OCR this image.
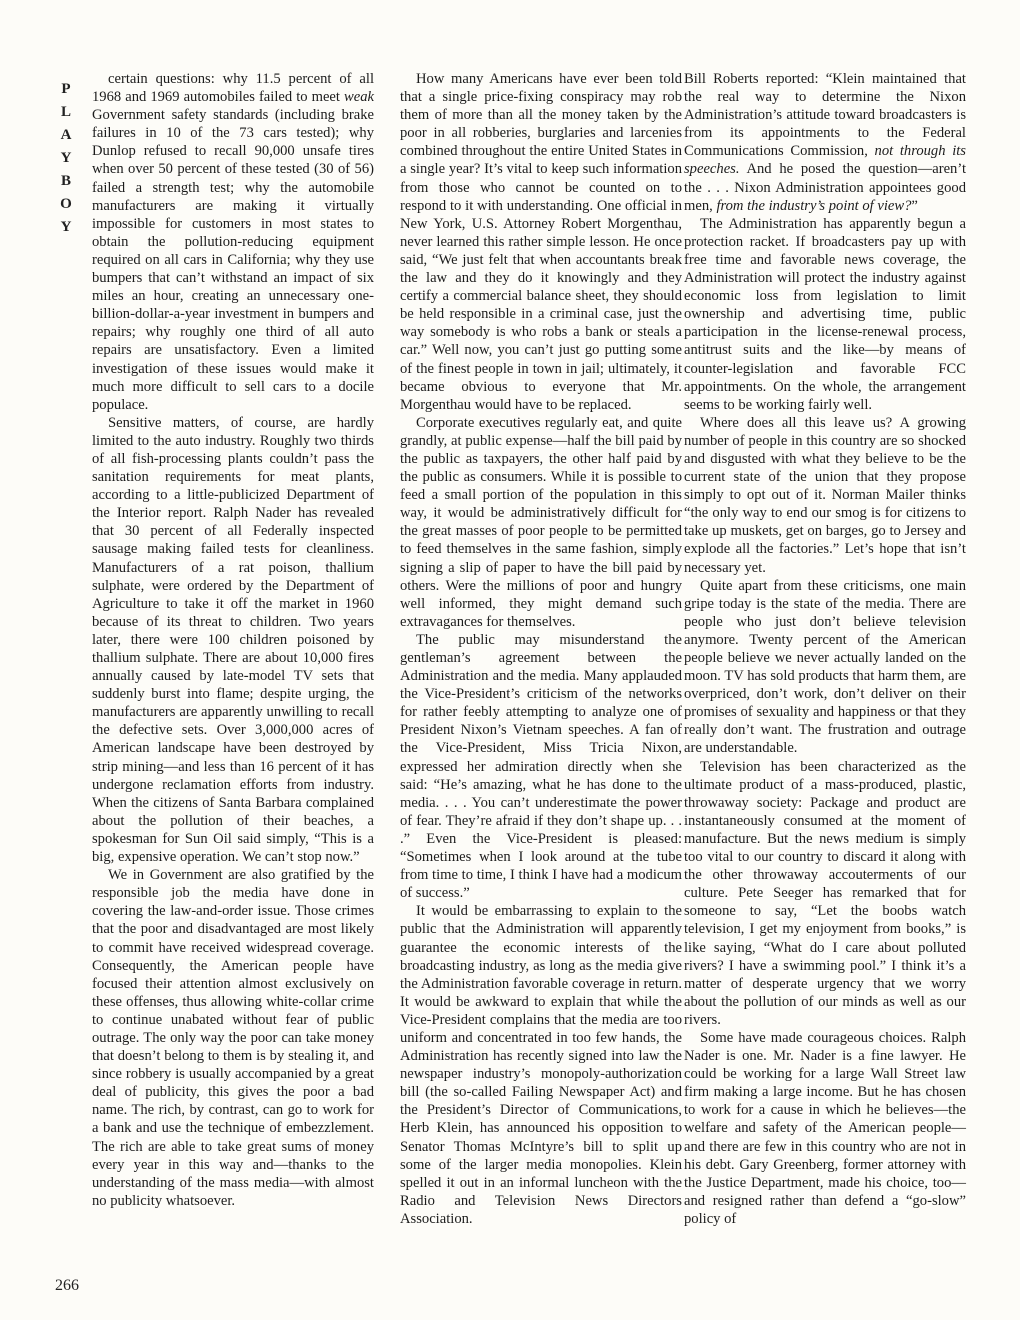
P
L
A
Y
B
O
Y

certain questions: why 11.5 percent of all 1968 and 1969 automobiles failed to meet weak Government safety standards (including brake failures in 10 of the 73 cars tested); why Dunlop refused to recall 90,000 unsafe tires when over 50 percent of these tested (30 of 56) failed a strength test; why the automobile manufacturers are making it virtually impossible for customers in most states to obtain the pollution-reducing equipment required on all cars in California; why they use bumpers that can’t withstand an impact of six miles an hour, creating an unnecessary one-billion-dollar-a-year investment in bumpers and repairs; why roughly one third of all auto repairs are unsatisfactory. Even a limited investigation of these issues would make it much more difficult to sell cars to a docile populace.

Sensitive matters, of course, are hardly limited to the auto industry. Roughly two thirds of all fish-processing plants couldn’t pass the sanitation requirements for meat plants, according to a little-publicized Department of the Interior report. Ralph Nader has revealed that 30 percent of all Federally inspected sausage making failed tests for cleanliness. Manufacturers of a rat poison, thallium sulphate, were ordered by the Department of Agriculture to take it off the market in 1960 because of its threat to children. Two years later, there were 100 children poisoned by thallium sulphate. There are about 10,000 fires annually caused by late-model TV sets that suddenly burst into flame; despite urging, the manufacturers are apparently unwilling to recall the defective sets. Over 3,000,000 acres of American landscape have been destroyed by strip mining—and less than 16 percent of it has undergone reclamation efforts from industry. When the citizens of Santa Barbara complained about the pollution of their beaches, a spokesman for Sun Oil said simply, “This is a big, expensive operation. We can’t stop now.”

We in Government are also gratified by the responsible job the media have done in covering the law-and-order issue. Those crimes that the poor and disadvantaged are most likely to commit have received widespread coverage. Consequently, the American people have focused their attention almost exclusively on these offenses, thus allowing white-collar crime to continue unabated without fear of public outrage. The only way the poor can take money that doesn’t belong to them is by stealing it, and since robbery is usually accompanied by a great deal of publicity, this gives the poor a bad name. The rich, by contrast, can go to work for a bank and use the technique of embezzlement. The rich are able to take great sums of money every year in this way and—thanks to the understanding of the mass media—with almost no publicity whatsoever.

How many Americans have ever been told that a single price-fixing conspiracy may rob them of more than all the money taken by the poor in all robberies, burglaries and larcenies combined throughout the entire United States in a single year? It’s vital to keep such information from those who cannot be counted on to respond to it with understanding. One official in New York, U.S. Attorney Robert Morgenthau, never learned this rather simple lesson. He once said, “We just felt that when accountants break the law and they do it knowingly and they certify a commercial balance sheet, they should be held responsible in a criminal case, just the way somebody is who robs a bank or steals a car.” Well now, you can’t just go putting some of the finest people in town in jail; ultimately, it became obvious to everyone that Mr. Morgenthau would have to be replaced.

Corporate executives regularly eat, and quite grandly, at public expense—half the bill paid by the public as taxpayers, the other half paid by the public as consumers. While it is possible to feed a small portion of the population in this way, it would be administratively difficult for the great masses of poor people to be permitted to feed themselves in the same fashion, simply signing a slip of paper to have the bill paid by others. Were the millions of poor and hungry well informed, they might demand such extravagances for themselves.

The public may misunderstand the gentleman’s agreement between the Administration and the media. Many applauded the Vice-President’s criticism of the networks for rather feebly attempting to analyze one of President Nixon’s Vietnam speeches. A fan of the Vice-President, Miss Tricia Nixon, expressed her admiration directly when she said: “He’s amazing, what he has done to the media. . . . You can’t underestimate the power of fear. They’re afraid if they don’t shape up. . . .” Even the Vice-President is pleased: “Sometimes when I look around at the tube from time to time, I think I have had a modicum of success.”

It would be embarrassing to explain to the public that the Administration will apparently guarantee the economic interests of the broadcasting industry, as long as the media give the Administration favorable coverage in return. It would be awkward to explain that while the Vice-President complains that the media are too uniform and concentrated in too few hands, the Administration has recently signed into law the newspaper industry’s monopoly-authorization bill (the so-called Failing Newspaper Act) and the President’s Director of Communications, Herb Klein, has announced his opposition to Senator Thomas McIntyre’s bill to split up some of the larger media monopolies. Klein spelled it out in an informal luncheon with the Radio and Television News Directors Association.

Bill Roberts reported: “Klein maintained that the real way to determine the Nixon Administration’s attitude toward broadcasters is from its appointments to the Federal Communications Commission, not through its speeches. And he posed the question—aren’t the . . . Nixon Administration appointees good men, from the industry’s point of view?”

The Administration has apparently begun a protection racket. If broadcasters pay up with free time and favorable news coverage, the Administration will protect the industry against economic loss from legislation to limit ownership and advertising time, public participation in the license-renewal process, antitrust suits and the like—by means of counter-legislation and favorable FCC appointments. On the whole, the arrangement seems to be working fairly well.

Where does all this leave us? A growing number of people in this country are so shocked and disgusted with what they believe to be the current state of the union that they propose simply to opt out of it. Norman Mailer thinks “the only way to end our smog is for citizens to take up muskets, get on barges, go to Jersey and explode all the factories.” Let’s hope that isn’t necessary yet.

Quite apart from these criticisms, one main gripe today is the state of the media. There are people who just don’t believe television anymore. Twenty percent of the American people believe we never actually landed on the moon. TV has sold products that harm them, are overpriced, don’t work, don’t deliver on their promises of sexuality and happiness or that they really don’t want. The frustration and outrage are understandable.

Television has been characterized as the ultimate product of a mass-produced, plastic, throwaway society: Package and product are instantaneously consumed at the moment of manufacture. But the news medium is simply too vital to our country to discard it along with the other throwaway accouterments of our culture. Pete Seeger has remarked that for someone to say, “Let the boobs watch television, I get my enjoyment from books,” is like saying, “What do I care about polluted rivers? I have a swimming pool.” I think it’s a matter of desperate urgency that we worry about the pollution of our minds as well as our rivers.

Some have made courageous choices. Ralph Nader is one. Mr. Nader is a fine lawyer. He could be working for a large Wall Street law firm making a large income. But he has chosen to work for a cause in which he believes—the welfare and safety of the American people—and there are few in this country who are not in his debt. Gary Greenberg, former attorney with the Justice Department, made his choice, too—and resigned rather than defend a “go-slow” policy of

266
